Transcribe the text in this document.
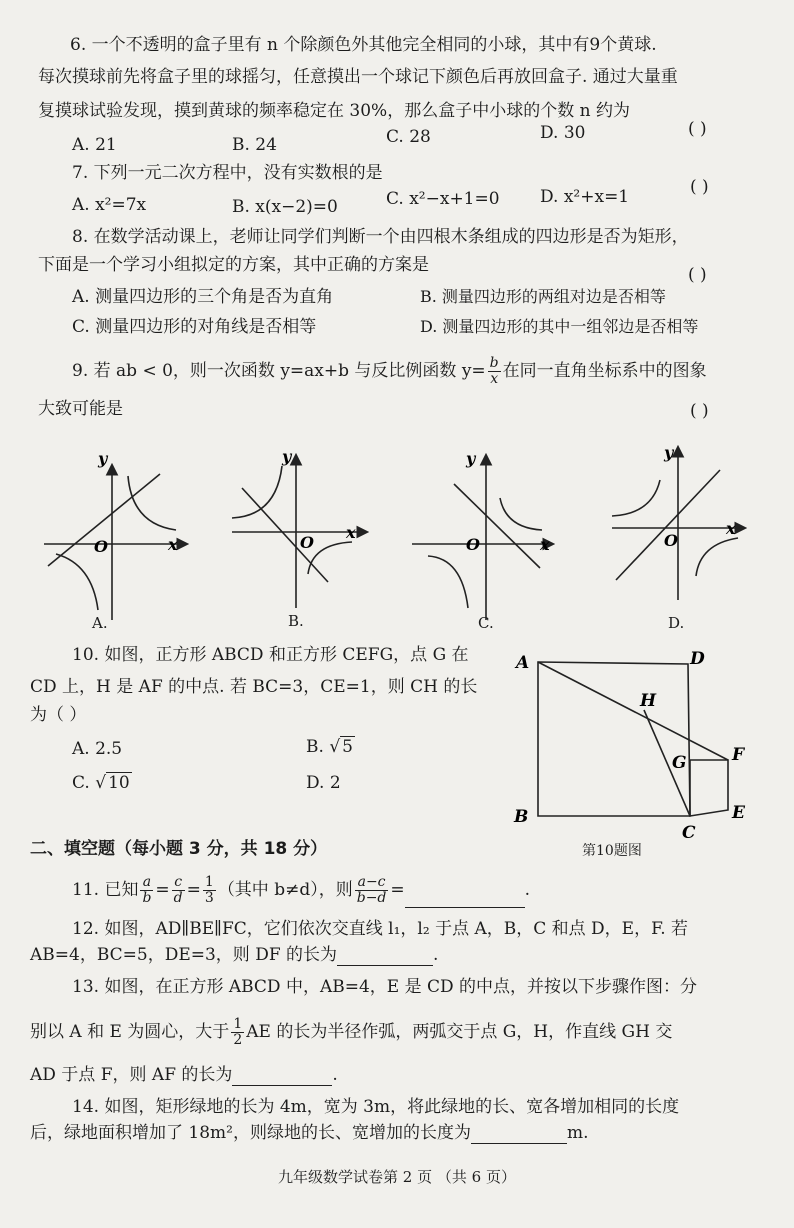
6. 一个不透明的盒子里有 n 个除颜色外其他完全相同的小球，其中有9个黄球.
每次摸球前先将盒子里的球摇匀，任意摸出一个球记下颜色后再放回盒子. 通过大量重
复摸球试验发现，摸到黄球的频率稳定在 30%，那么盒子中小球的个数 n 约为
( )
A. 21	B. 24	C. 28	D. 30
7. 下列一元二次方程中，没有实数根的是
( )
A. x²=7x	B. x(x−2)=0	C. x²−x+1=0 D. x²+x=1
8. 在数学活动课上，老师让同学们判断一个由四根木条组成的四边形是否为矩形，
下面是一个学习小组拟定的方案，其中正确的方案是	( )
A. 测量四边形的三个角是否为直角	B. 测量四边形的两组对边是否相等
C. 测量四边形的对角线是否相等	D. 测量四边形的其中一组邻边是否相等
9. 若 ab < 0，则一次函数 y=ax+b 与反比例函数 $y= \frac{b}{x}$ 在同一直角坐标系中的图象
大致可能是	( )
y
x
O
y
x
O
y
x
O
y
x
O
A.	B.	C.	D.
10. 如图，正方形 ABCD 和正方形 CEFG，点 G 在
CD 上，H 是 AF 的中点. 若 BC=3，CE=1，则 CH 的长
为（ ）
A. 2.5	B. √ 5
C. √ 10	D. 2
A	D
H
G	F
B
C
E
第10题图
二、填空题（每小题 3 分，共 18 分）
11. 已知 $\frac{a}{b} = \frac{c}{d} = \frac{1}{3}$ （其中 b≠d），则 $\frac{a-c}{b-d}$ =	.
12. 如图，AD∥BE∥FC，它们依次交直线 l₁，l₂ 于点 A，B，C 和点 D，E，F. 若
AB=4，BC=5，DE=3，则 DF 的长为	.
13. 如图，在正方形 ABCD 中，AB=4，E 是 CD 的中点，并按以下步骤作图：分
别以 A 和 E 为圆心，大于 $\frac{1}{2}$ AE 的长为半径作弧，两弧交于点 G，H，作直线 GH 交
AD 于点 F，则 AF 的长为	.
14. 如图，矩形绿地的长为 4m，宽为 3m，将此绿地的长、宽各增加相同的长度
后，绿地面积增加了 18m²，则绿地的长、宽增加的长度为	m.
九年级数学试卷第 2 页 （共 6 页）
